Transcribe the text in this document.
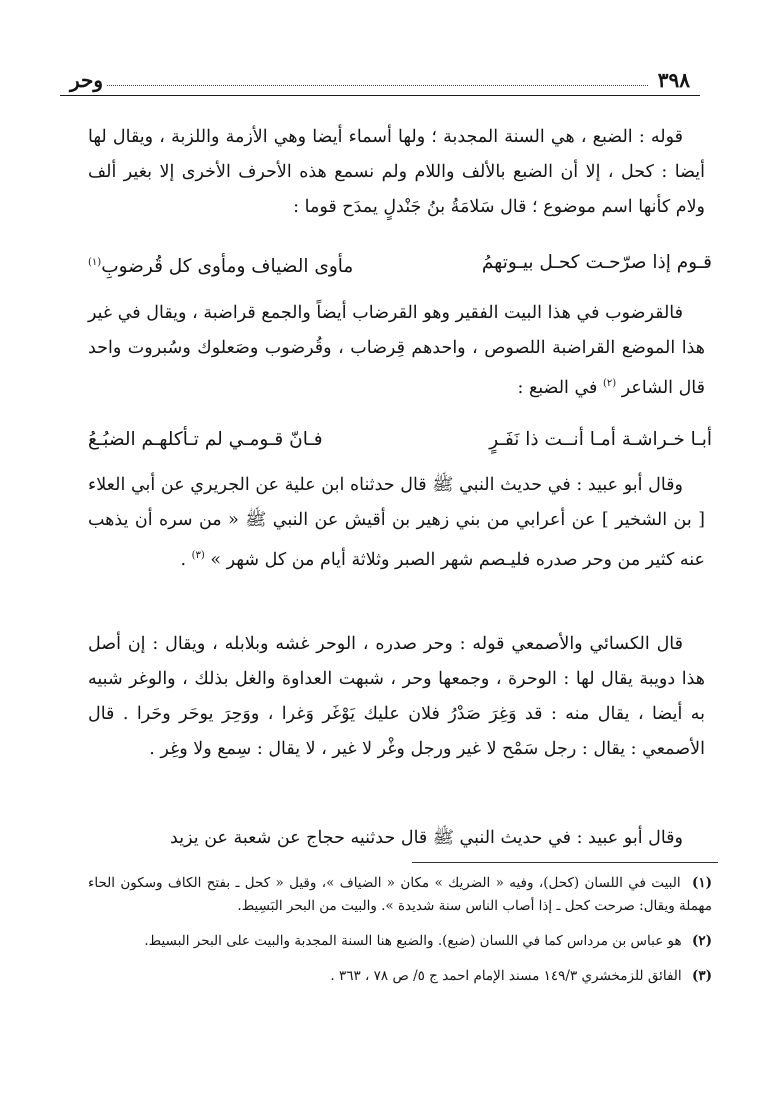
٣٩٨
وحر
قوله : الضبع ، هي السنة المجدبة ؛ ولها أسماء أيضا وهي الأزمة واللزبة ، ويقال لها أيضا : كحل ، إلا أن الضبع بالألف واللام ولم نسمع هذه الأحرف الأخرى إلا بغير ألف ولام كأنها اسم موضوع ؛ قال سَلامَةُ بنُ جَنْدلٍ يمدَح قوما :
قـوم إذا صرّحـت كحـل بيـوتهمُ
مأوى الضياف ومأوى كل قُرضوبِ$^{(١)}$
فالقرضوب في هذا البيت الفقير وهو القرضاب أيضاً والجمع قراضبة ، ويقال في غير هذا الموضع القراضبة اللصوص ، واحدهم قِرضاب ، وقُرضوب وصَعلوك وسُبروت واحد قال الشاعر $^{(٢)}$ في الضبع :
أبـا خـراشـة أمـا أنــت ذا نَفَـرٍ
فـانّ قـومـي لم تـأكلهـم الضبُـعُ
وقال أبو عبيد : في حديث النبي ﷺ قال حدثناه ابن علية عن الجريري عن أبي العلاء [ بن الشخير ] عن أعرابي من بني زهير بن أقيش عن النبي ﷺ « من سره أن يذهب عنه كثير من وحر صدره فليـصم شهر الصبر وثلاثة أيام من كل شهر » $^{(٣)}$ .
قال الكسائي والأصمعي قوله : وحر صدره ، الوحر غشه وبلابله ، ويقال : إن أصل هذا دويبة يقال لها : الوحرة ، وجمعها وحر ، شبهت العداوة والغل بذلك ، والوغر شبيه به أيضا ، يقال منه : قد وَغِرَ صَدْرُ فلان عليك يَوْغَر وَغرا ، ووَحِرَ يوحَر وحَرا . قال الأصمعي : يقال : رجل سَمْح لا غير ورجل وغْر لا غير ، لا يقال : سِمع ولا وغِر .
وقال أبو عبيد : في حديث النبي ﷺ قال حدثنيه حجاج عن شعبة عن يزيد
(١) البيت في اللسان (كحل)، وفيه « الضريك » مكان « الضياف »، وقيل « كحل ـ بفتح الكاف وسكون الحاء مهملة ويقال: صرحت كحل ـ إذا أصاب الناس سنة شديدة ». والبيت من البحر البَسِيط.
(٢) هو عباس بن مرداس كما في اللسان (ضبع). والضبع هنا السنة المجدبة والبيت على البحر البسيط.
(٣) الفائق للزمخشري ١٤٩/٣ مسند الإمام احمد ج ٥/ ص ٧٨ ، ٣٦٣ .
